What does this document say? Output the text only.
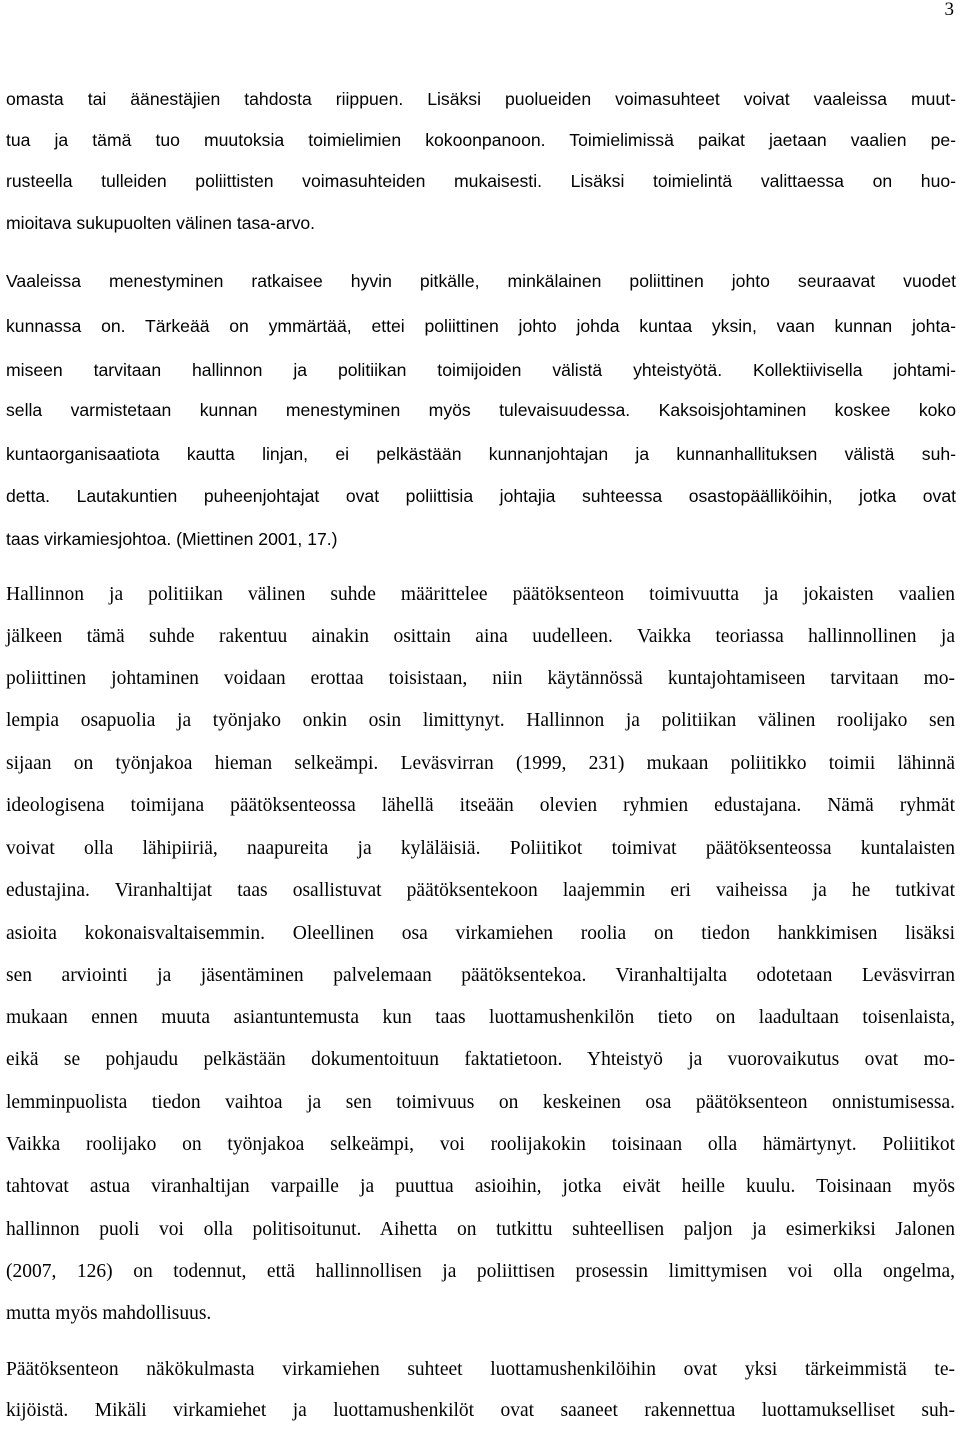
3
omasta tai äänestäjien tahdosta riippuen. Lisäksi puolueiden voimasuhteet voivat vaaleissa muut-
tua ja tämä tuo muutoksia toimielimien kokoonpanoon. Toimielimissä paikat jaetaan vaalien pe-
rusteella tulleiden poliittisten voimasuhteiden mukaisesti. Lisäksi toimielintä valittaessa on huo-
mioitava sukupuolten välinen tasa-arvo.
Vaaleissa menestyminen ratkaisee hyvin pitkälle, minkälainen poliittinen johto seuraavat vuodet
kunnassa on. Tärkeää on ymmärtää, ettei poliittinen johto johda kuntaa yksin, vaan kunnan johta-
miseen tarvitaan hallinnon ja politiikan toimijoiden välistä yhteistyötä. Kollektiivisella johtami-
sella varmistetaan kunnan menestyminen myös tulevaisuudessa. Kaksoisjohtaminen koskee koko
kuntaorganisaatiota kautta linjan, ei pelkästään kunnanjohtajan ja kunnanhallituksen välistä suh-
detta. Lautakuntien puheenjohtajat ovat poliittisia johtajia suhteessa osastopäälliköihin, jotka ovat
taas virkamiesjohtoa. (Miettinen 2001, 17.)
Hallinnon ja politiikan välinen suhde määrittelee päätöksenteon toimivuutta ja jokaisten vaalien
jälkeen tämä suhde rakentuu ainakin osittain aina uudelleen. Vaikka teoriassa hallinnollinen ja
poliittinen johtaminen voidaan erottaa toisistaan, niin käytännössä kuntajohtamiseen tarvitaan mo-
lempia osapuolia ja työnjako onkin osin limittynyt. Hallinnon ja politiikan välinen roolijako sen
sijaan on työnjakoa hieman selkeämpi. Leväsvirran (1999, 231) mukaan poliitikko toimii lähinnä
ideologisena toimijana päätöksenteossa lähellä itseään olevien ryhmien edustajana. Nämä ryhmät
voivat olla lähipiiriä, naapureita ja kyläläisiä. Poliitikot toimivat päätöksenteossa kuntalaisten
edustajina. Viranhaltijat taas osallistuvat päätöksentekoon laajemmin eri vaiheissa ja he tutkivat
asioita kokonaisvaltaisemmin. Oleellinen osa virkamiehen roolia on tiedon hankkimisen lisäksi
sen arviointi ja jäsentäminen palvelemaan päätöksentekoa. Viranhaltijalta odotetaan Leväsvirran
mukaan ennen muuta asiantuntemusta kun taas luottamushenkilön tieto on laadultaan toisenlaista,
eikä se pohjaudu pelkästään dokumentoituun faktatietoon. Yhteistyö ja vuorovaikutus ovat mo-
lemminpuolista tiedon vaihtoa ja sen toimivuus on keskeinen osa päätöksenteon onnistumisessa.
Vaikka roolijako on työnjakoa selkeämpi, voi roolijakokin toisinaan olla hämärtynyt. Poliitikot
tahtovat astua viranhaltijan varpaille ja puuttua asioihin, jotka eivät heille kuulu. Toisinaan myös
hallinnon puoli voi olla politisoitunut. Aihetta on tutkittu suhteellisen paljon ja esimerkiksi Jalonen
(2007, 126) on todennut, että hallinnollisen ja poliittisen prosessin limittymisen voi olla ongelma,
mutta myös mahdollisuus.
Päätöksenteon näkökulmasta virkamiehen suhteet luottamushenkilöihin ovat yksi tärkeimmistä te-
kijöistä. Mikäli virkamiehet ja luottamushenkilöt ovat saaneet rakennettua luottamukselliset suh-
